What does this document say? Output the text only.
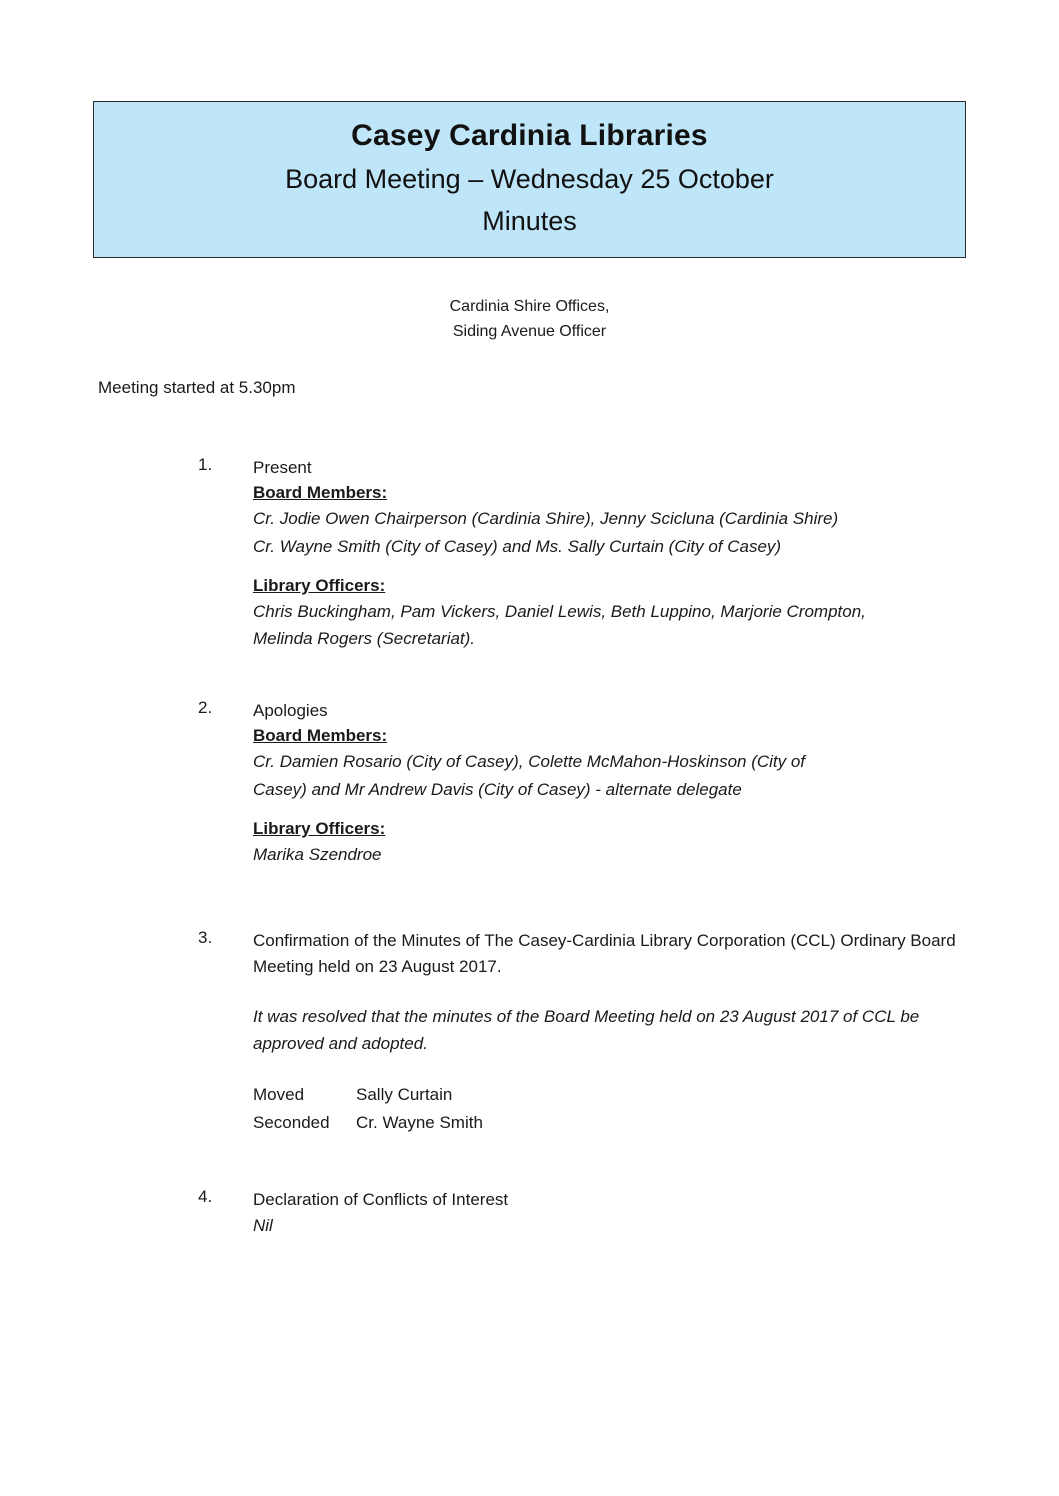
Casey Cardinia Libraries
Board Meeting – Wednesday 25 October
Minutes
Cardinia Shire Offices,
Siding Avenue Officer
Meeting started at 5.30pm
1. Present

Board Members:

Cr. Jodie Owen Chairperson (Cardinia Shire), Jenny Scicluna (Cardinia Shire)

Cr. Wayne Smith (City of Casey) and Ms. Sally Curtain (City of Casey)

Library Officers:

Chris Buckingham, Pam Vickers, Daniel Lewis, Beth Luppino, Marjorie Crompton,

Melinda Rogers (Secretariat).

2. Apologies

Board Members:

Cr. Damien Rosario (City of Casey), Colette McMahon-Hoskinson (City of

Casey) and Mr Andrew Davis (City of Casey) - alternate delegate

Library Officers:

Marika Szendroe

3. Confirmation of the Minutes of The Casey-Cardinia Library Corporation (CCL) Ordinary Board Meeting held on 23 August 2017.

It was resolved that the minutes of the Board Meeting held on 23 August 2017 of CCL be approved and adopted.

Moved	Sally Curtain
Seconded	Cr. Wayne Smith
4. Declaration of Conflicts of Interest

Nil
